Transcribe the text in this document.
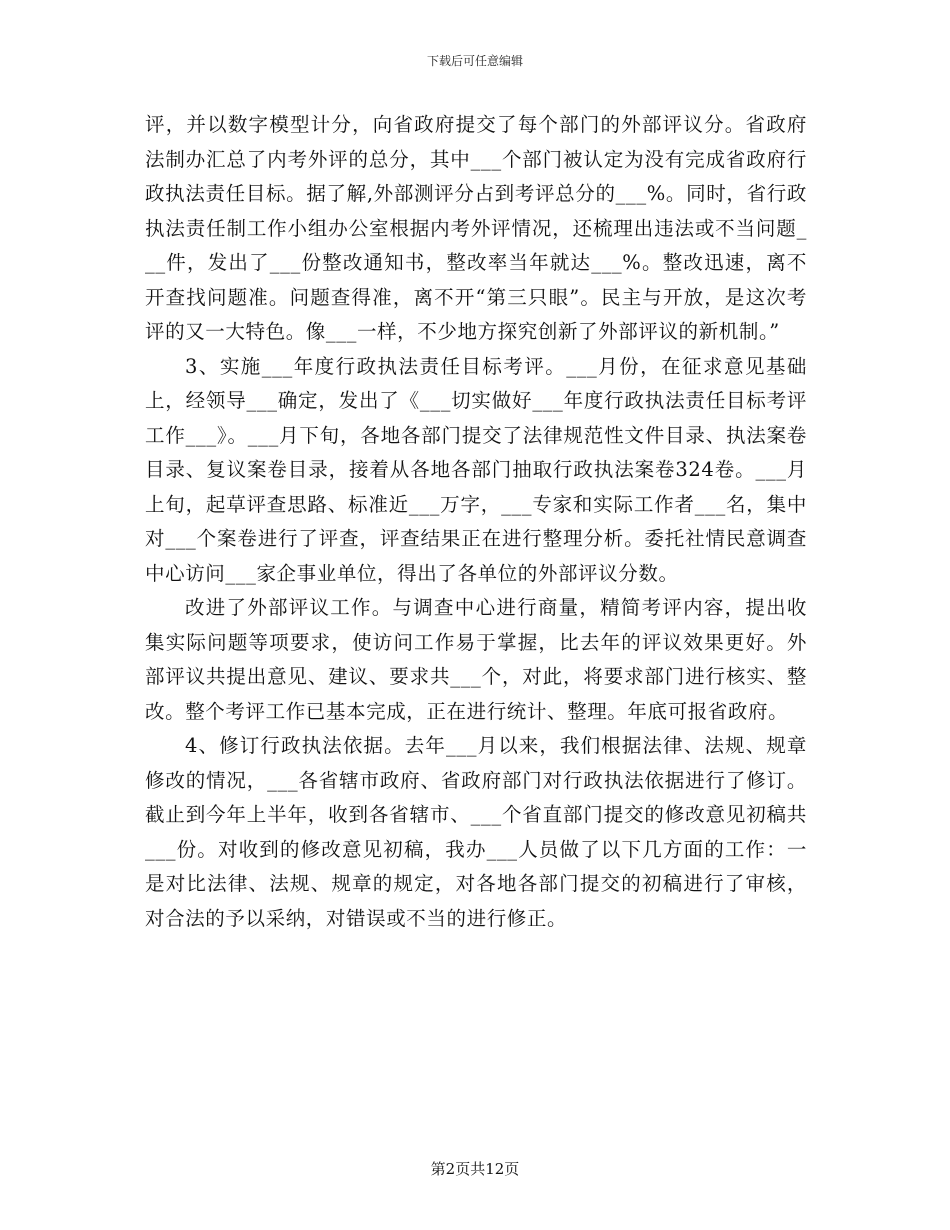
下载后可任意编辑

评，并以数字模型计分，向省政府提交了每个部门的外部评议分。省政府法制办汇总了内考外评的总分，其中___个部门被认定为没有完成省政府行政执法责任目标。据了解,外部测评分占到考评总分的___%。同时，省行政执法责任制工作小组办公室根据内考外评情况，还梳理出违法或不当问题___件，发出了___份整改通知书，整改率当年就达___%。整改迅速，离不开查找问题准。问题查得准，离不开“第三只眼”。民主与开放，是这次考评的又一大特色。像___一样，不少地方探究创新了外部评议的新机制。”

3、实施___年度行政执法责任目标考评。___月份，在征求意见基础上，经领导___确定，发出了《___切实做好___年度行政执法责任目标考评工作___》。___月下旬，各地各部门提交了法律规范性文件目录、执法案卷目录、复议案卷目录，接着从各地各部门抽取行政执法案卷324卷。___月上旬，起草评查思路、标准近___万字，___专家和实际工作者___名，集中对___个案卷进行了评查，评查结果正在进行整理分析。委托社情民意调查中心访问___家企事业单位，得出了各单位的外部评议分数。

改进了外部评议工作。与调查中心进行商量，精简考评内容，提出收集实际问题等项要求，使访问工作易于掌握，比去年的评议效果更好。外部评议共提出意见、建议、要求共___个，对此，将要求部门进行核实、整改。整个考评工作已基本完成，正在进行统计、整理。年底可报省政府。

4、修订行政执法依据。去年___月以来，我们根据法律、法规、规章修改的情况，___各省辖市政府、省政府部门对行政执法依据进行了修订。截止到今年上半年，收到各省辖市、___个省直部门提交的修改意见初稿共___份。对收到的修改意见初稿，我办___人员做了以下几方面的工作：一是对比法律、法规、规章的规定，对各地各部门提交的初稿进行了审核，对合法的予以采纳，对错误或不当的进行修正。

第2页共12页
